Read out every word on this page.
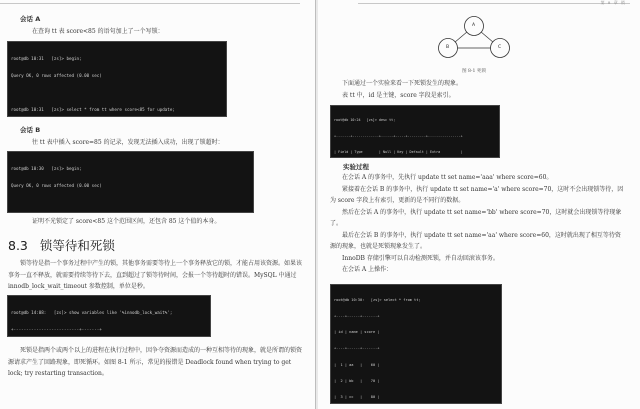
会话 A
在查询 tt 表 score<85 的语句加上了一个写锁：

root@db 10:31   [zs]> begin;

Query OK, 0 rows affected (0.00 sec)

root@db 10:31   [zs]> select * from tt where score<85 for update;

会话 B
往 tt 表中插入 score=85 的记录，发现无法插入成功，出现了锁超时：

root@db 10:30   [zs]> begin;

Query OK, 0 rows affected (0.00 sec)

证明不光锁定了 score<85 这个范围区间，还包含 85 这个值的本身。
8.3 锁等待和死锁
锁等待是指一个事务过程中产生的锁，其他事务需要等待上一个事务释放它的锁，才能占用该资源。如果该事务一直不释放，就需要持续等待下去，直到超过了锁等待时间，会报一个等待超时的错误。MySQL 中通过 innodb_lock_wait_timeout 参数控制，单位是秒。

root@db 14:08:   [zs]> show variables like '%innodb_lock_wait%';

+--------------------------+-------+

死锁是指两个或两个以上的进程在执行过程中，因争夺资源而造成的一种互相等待的现象，就是所谓的锁资源请求产生了回路现象，即死循环。如图 8-1 所示，常见的报错是 Deadlock found when trying to get lock; try restarting transaction。
第 8 章 锁
A
B	C
图 8-1 死锁
下面通过一个实验来看一下死锁发生的现象。
表 tt 中，id 是主键，score 字段是索引。

root@db 10:24   [zs]> desc tt;

+-------+-------------+------+-----+---------+----------------+

| Field | Type        | Null | Key | Default | Extra          |

实验过程

在会话 A 的事务中，先执行 update tt set name='aaa' where score=60。

紧接着在会话 B 的事务中，执行 update tt set name='a' where score=70，这时不会出现锁等待，因为 score 字段上有索引，更新的是不同行的数据。

然后在会话 A 的事务中，执行 update tt set name='bb' where score=70，这时就会出现锁等待现象了。

最后在会话 B 的事务中，执行 update tt set name='aa' where score=60，这时就出现了相互等待资源的现象，也就是死锁现象发生了。

InnoDB 存储引擎可以自动检测死锁，并自动回滚该事务。

在会话 A 上操作：

root@db 10:30:   [zs]> select * from tt;

+----+------+-------+

| id | name | score |

+----+------+-------+

|  1 | aa   |    60 |

|  2 | bb   |    70 |

|  3 | cc   |    80 |
